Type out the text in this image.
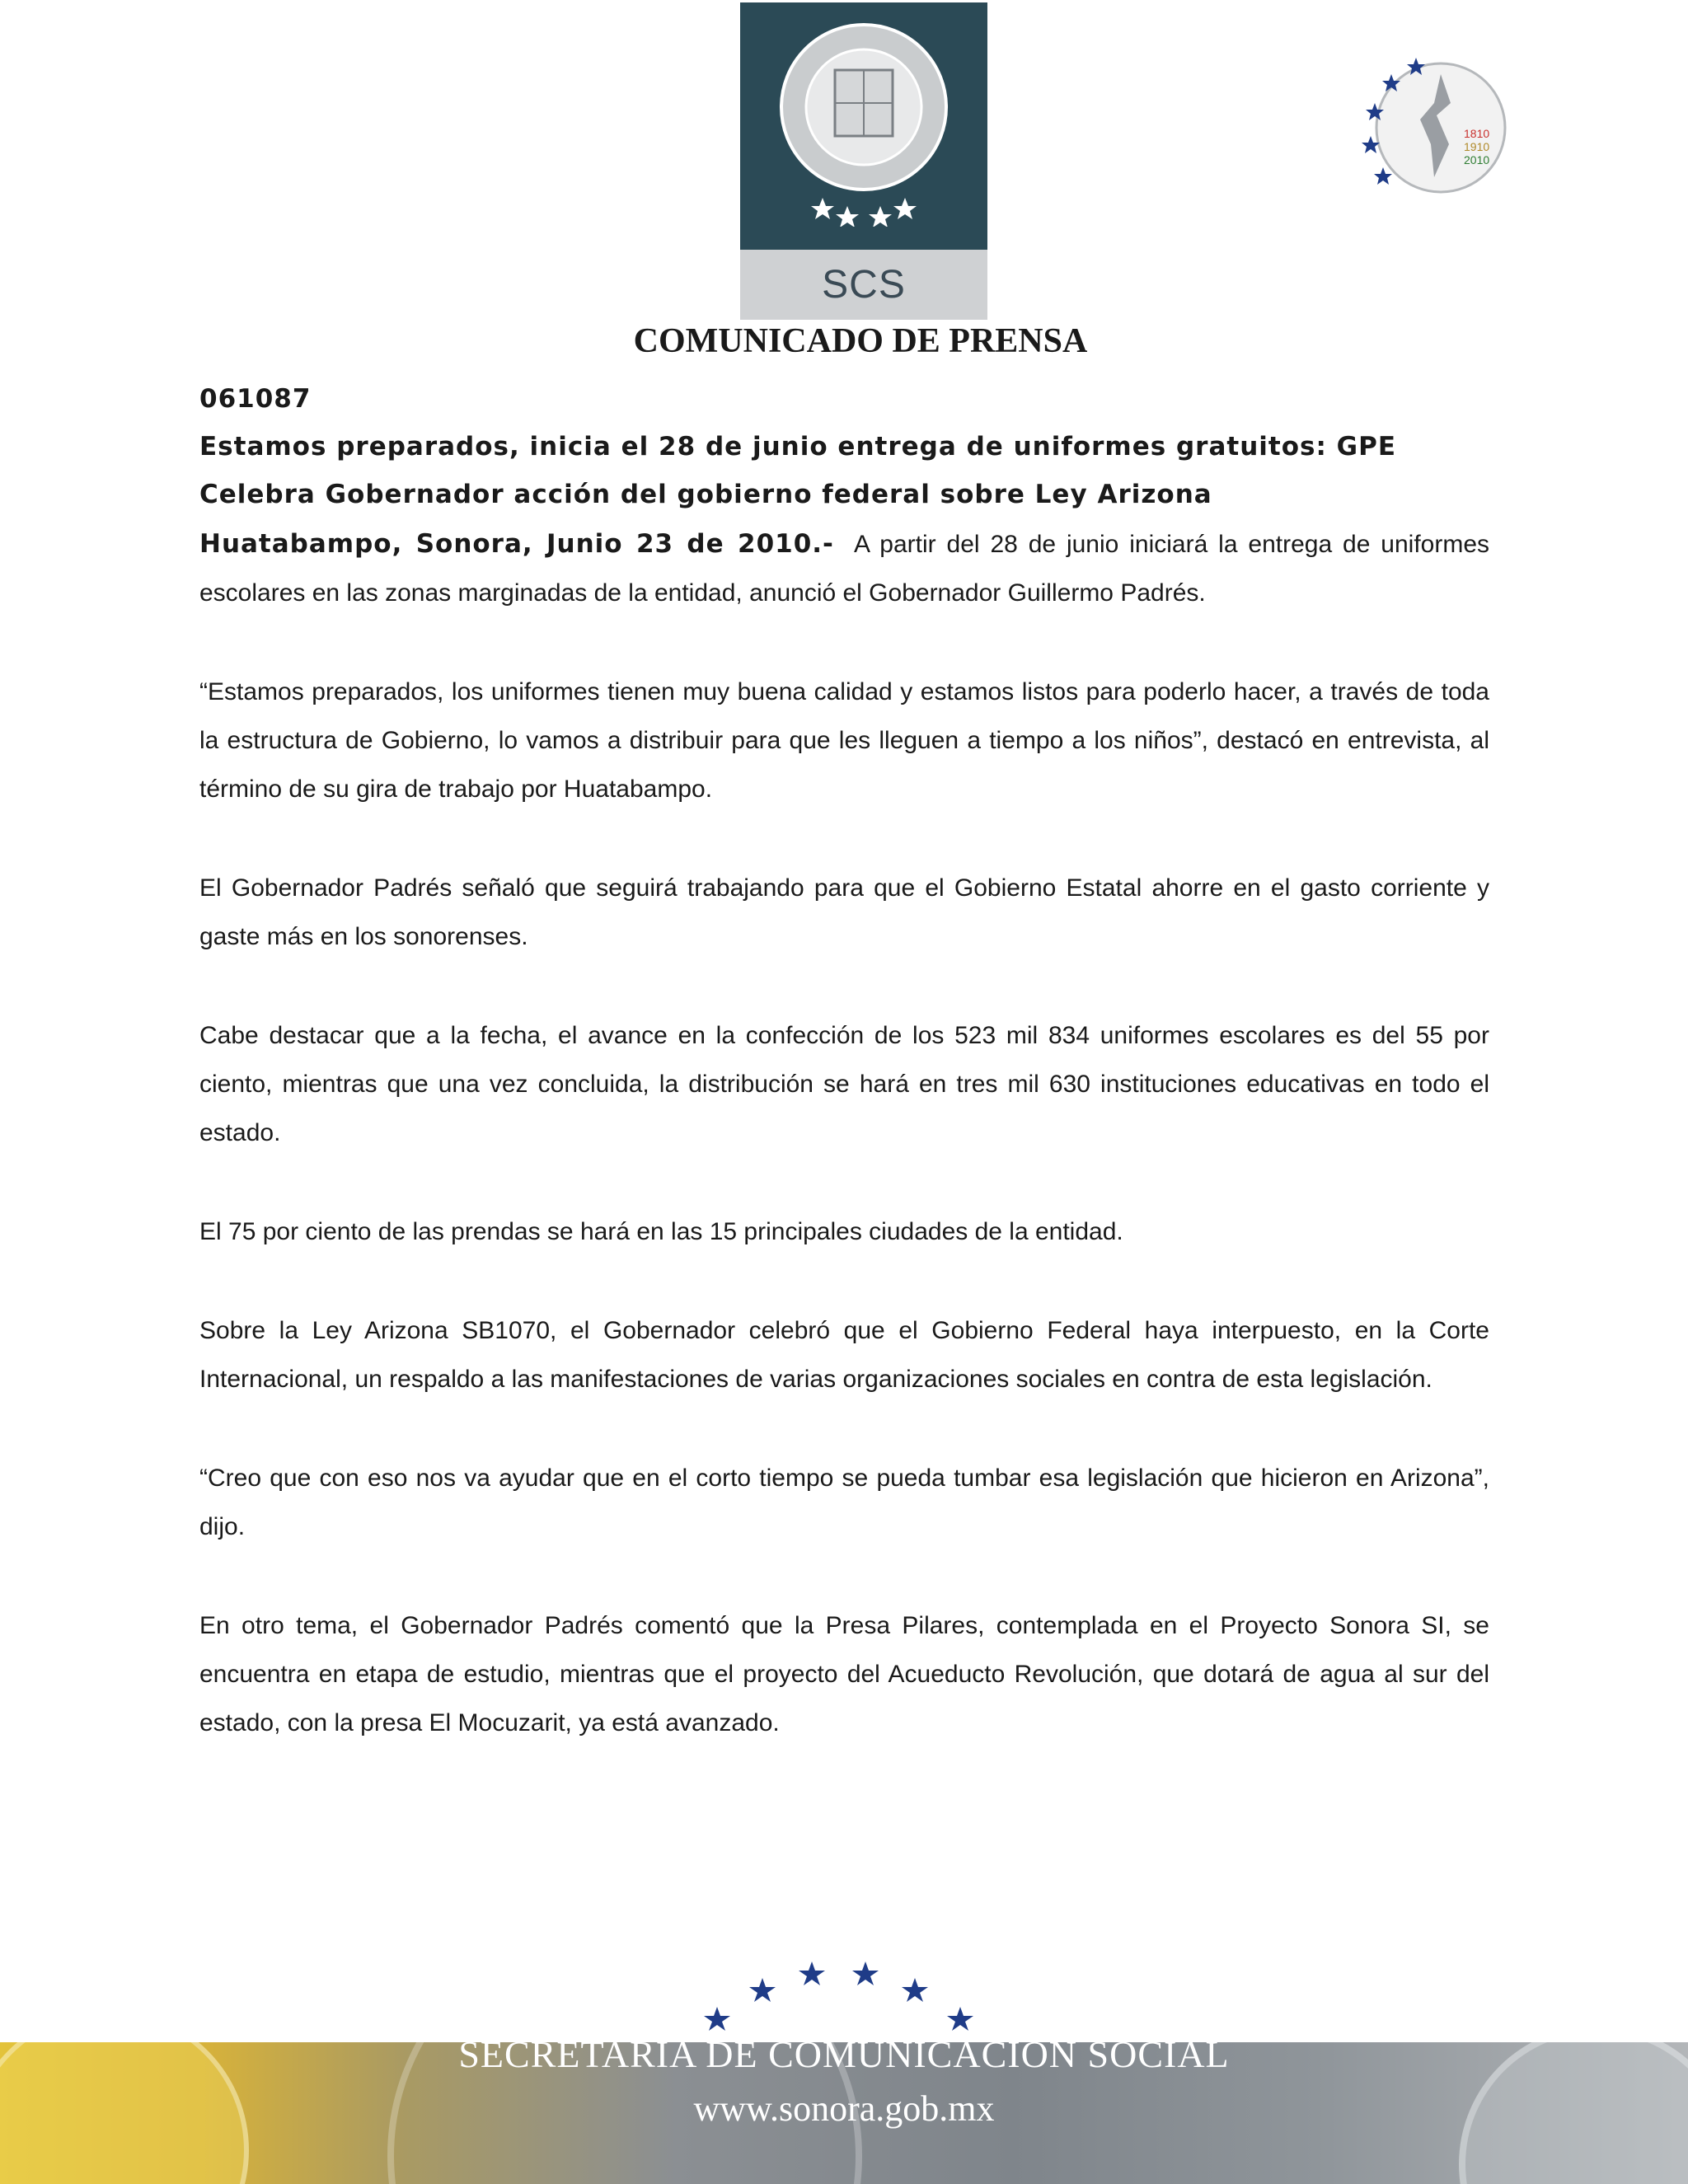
SCS
1810
1910
2010
COMUNICADO DE PRENSA

061087

Estamos preparados, inicia el 28 de junio entrega de uniformes gratuitos: GPE

Celebra Gobernador acción del gobierno federal sobre Ley Arizona

Huatabampo, Sonora, Junio 23 de 2010.- A partir del 28 de junio iniciará la entrega de uniformes escolares en las zonas marginadas de la entidad, anunció el Gobernador Guillermo Padrés.

“Estamos preparados, los uniformes tienen muy buena calidad y estamos listos para poderlo hacer, a través de toda la estructura de Gobierno, lo vamos a distribuir para que les lleguen a tiempo a los niños”, destacó en entrevista, al término de su gira de trabajo por Huatabampo.

El Gobernador Padrés señaló que seguirá trabajando para que el Gobierno Estatal ahorre en el gasto corriente y gaste más en los sonorenses.

Cabe destacar que a la fecha, el avance en la confección de los 523 mil 834 uniformes escolares es del 55 por ciento, mientras que una vez concluida, la distribución se hará en tres mil 630 instituciones educativas en todo el estado.

El 75 por ciento de las prendas se hará en las 15 principales ciudades de la entidad.

Sobre la Ley Arizona SB1070, el Gobernador celebró que el Gobierno Federal haya interpuesto, en la Corte Internacional, un respaldo a las manifestaciones de varias organizaciones sociales en contra de esta legislación.

“Creo que con eso nos va ayudar que en el corto tiempo se pueda tumbar esa legislación que hicieron en Arizona”, dijo.

En otro tema, el Gobernador Padrés comentó que la Presa Pilares, contemplada en el Proyecto Sonora SI, se encuentra en etapa de estudio, mientras que el proyecto del Acueducto Revolución, que dotará de agua al sur del estado, con la presa El Mocuzarit, ya está avanzado.

SECRETARÍA DE COMUNICACIÓN SOCIAL
www.sonora.gob.mx
